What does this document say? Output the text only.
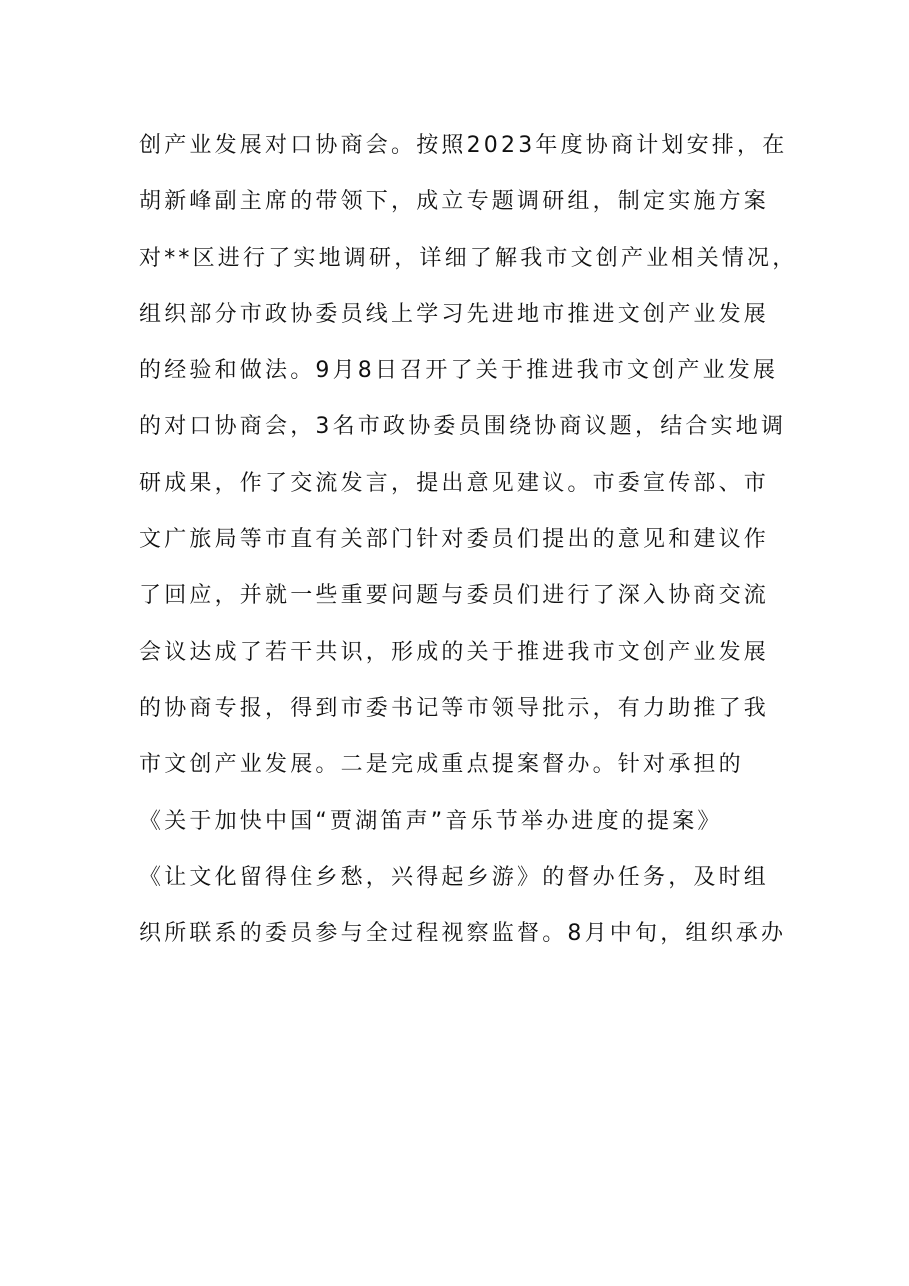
创产业发展对口协商会。按照2023年度协商计划安排，在
胡新峰副主席的带领下，成立专题调研组，制定实施方案
对**区进行了实地调研，详细了解我市文创产业相关情况，
组织部分市政协委员线上学习先进地市推进文创产业发展
的经验和做法。9月8日召开了关于推进我市文创产业发展
的对口协商会，3名市政协委员围绕协商议题，结合实地调
研成果，作了交流发言，提出意见建议。市委宣传部、市
文广旅局等市直有关部门针对委员们提出的意见和建议作
了回应，并就一些重要问题与委员们进行了深入协商交流
会议达成了若干共识，形成的关于推进我市文创产业发展
的协商专报，得到市委书记等市领导批示，有力助推了我
市文创产业发展。二是完成重点提案督办。针对承担的
《关于加快中国“贾湖笛声”音乐节举办进度的提案》
《让文化留得住乡愁，兴得起乡游》的督办任务，及时组
织所联系的委员参与全过程视察监督。8月中旬，组织承办
